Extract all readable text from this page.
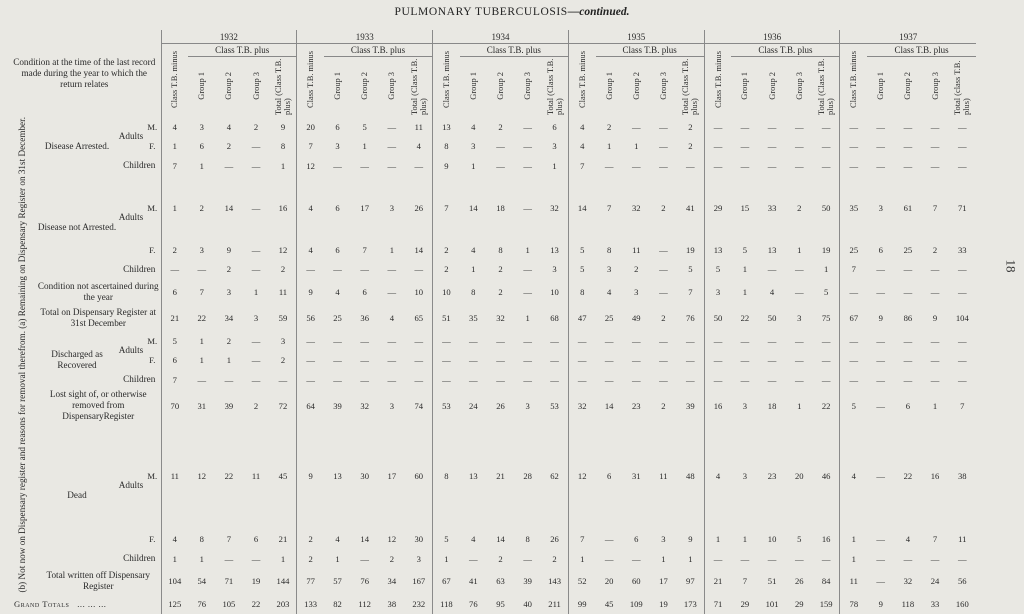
PULMONARY TUBERCULOSIS—continued.
18
Condition at the time of the last record made during the year to which the return relates				1932					1933					1934					1935					1936					1937				
				Class T.B. minus	Class T.B. plus				Class T.B. minus	Class T.B. plus				Class T.B. minus	Class T.B. plus				Class T.B. minus	Class T.B. plus				Class T.B. minus	Class T.B. plus				Class T.B. minus	Class T.B. plus			
					Group 1	Group 2	Group 3	Total (Class T.B. plus)		Group 1	Group 2	Group 3	Total (Class T.B. plus)		Group 1	Group 2	Group 3	Total (Class T.B. plus)		Group 1	Group 2	Group 3	Total (Class T.B. plus)		Group 1	Group 2	Group 3	Total (Class T.B. plus)		Group 1	Group 2	Group 3	Total (class T.B. plus)
(a) Remaining on Dispensary Register on 31st December.	Disease Arrested.	Adults	M.	4	3	4	2	9	20	6	5	—	11	13	4	2	—	6	4	2	—	—	2	—	—	—	—	—	—	—	—	—	—
			F.	1	6	2	—	8	7	3	1	—	4	8	3	—	—	3	4	1	1	—	2	—	—	—	—	—	—	—	—	—	—
		Children		7	1	—	—	1	12	—	—	—	—	9	1	—	—	1	7	—	—	—	—	—	—	—	—	—	—	—	—	—	—
	Disease not Arrested.	Adults	M.	1	2	14	—	16	4	6	17	3	26	7	14	18	—	32	14	7	32	2	41	29	15	33	2	50	35	3	61	7	71
			F.	2	3	9	—	12	4	6	7	1	14	2	4	8	1	13	5	8	11	—	19	13	5	13	1	19	25	6	25	2	33
		Children		—	—	2	—	2	—	—	—	—	—	2	1	2	—	3	5	3	2	—	5	5	1	—	—	1	7	—	—	—	—
	Condition not ascertained during the year			6	7	3	1	11	9	4	6	—	10	10	8	2	—	10	8	4	3	—	7	3	1	4	—	5	—	—	—	—	—
	Total on Dispensary Register at 31st December			21	22	34	3	59	56	25	36	4	65	51	35	32	1	68	47	25	49	2	76	50	22	50	3	75	67	9	86	9	104
(b) Not now on Dispensary register and reasons for removal therefrom.	Discharged as Recovered	Adults	M.	5	1	2	—	3	—	—	—	—	—	—	—	—	—	—	—	—	—	—	—	—	—	—	—	—	—	—	—	—	—
			F.	6	1	1	—	2	—	—	—	—	—	—	—	—	—	—	—	—	—	—	—	—	—	—	—	—	—	—	—	—	—
		Children		7	—	—	—	—	—	—	—	—	—	—	—	—	—	—	—	—	—	—	—	—	—	—	—	—	—	—	—	—	—
	Lost sight of, or otherwise removed from DispensaryRegister			70	31	39	2	72	64	39	32	3	74	53	24	26	3	53	32	14	23	2	39	16	3	18	1	22	5	—	6	1	7
	Dead	Adults	M.	11	12	22	11	45	9	13	30	17	60	8	13	21	28	62	12	6	31	11	48	4	3	23	20	46	4	—	22	16	38
			F.	4	8	7	6	21	2	4	14	12	30	5	4	14	8	26	7	—	6	3	9	1	1	10	5	16	1	—	4	7	11
		Children		1	1	—	—	1	2	1	—	2	3	1	—	2	—	2	1	—	—	1	1	—	—	—	—	—	1	—	—	—	—
	Total written off Dispensary Register			104	54	71	19	144	77	57	76	34	167	67	41	63	39	143	52	20	60	17	97	21	7	51	26	84	11	—	32	24	56
Grand Totals ... ... ...				125	76	105	22	203	133	82	112	38	232	118	76	95	40	211	99	45	109	19	173	71	29	101	29	159	78	9	118	33	160
